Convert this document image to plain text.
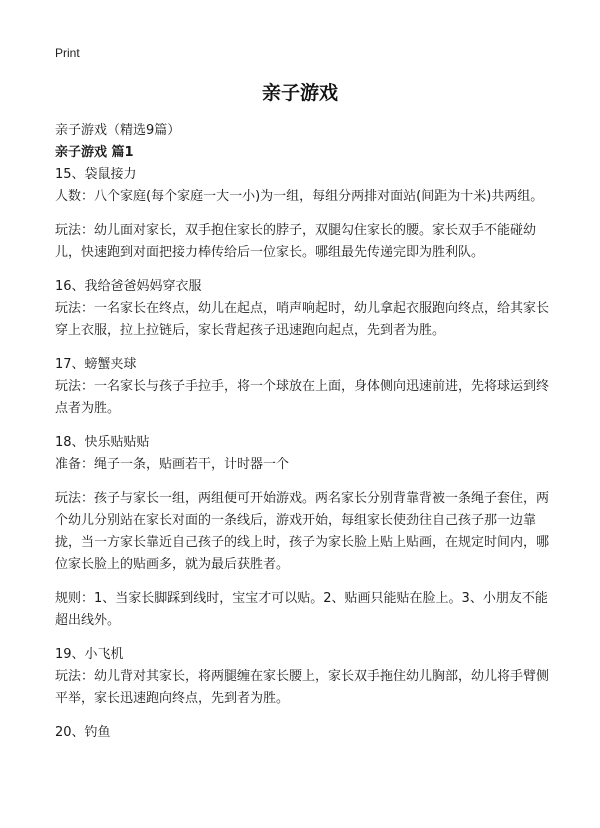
Print
亲子游戏

亲子游戏（精选9篇）

亲子游戏 篇1

15、袋鼠接力

人数：八个家庭(每个家庭一大一小)为一组，每组分两排对面站(间距为十米)共两组。

玩法：幼儿面对家长，双手抱住家长的脖子，双腿勾住家长的腰。家长双手不能碰幼儿，快速跑到对面把接力棒传给后一位家长。哪组最先传递完即为胜利队。

16、我给爸爸妈妈穿衣服

玩法：一名家长在终点，幼儿在起点，哨声响起时，幼儿拿起衣服跑向终点，给其家长穿上衣服，拉上拉链后，家长背起孩子迅速跑向起点，先到者为胜。

17、螃蟹夹球

玩法：一名家长与孩子手拉手，将一个球放在上面，身体侧向迅速前进，先将球运到终点者为胜。

18、快乐贴贴贴

准备：绳子一条，贴画若干，计时器一个

玩法：孩子与家长一组，两组便可开始游戏。两名家长分别背靠背被一条绳子套住，两个幼儿分别站在家长对面的一条线后，游戏开始，每组家长使劲往自己孩子那一边靠拢，当一方家长靠近自己孩子的线上时，孩子为家长脸上贴上贴画，在规定时间内，哪位家长脸上的贴画多，就为最后获胜者。

规则：1、当家长脚踩到线时，宝宝才可以贴。2、贴画只能贴在脸上。3、小朋友不能超出线外。

19、小飞机

玩法：幼儿背对其家长，将两腿缠在家长腰上，家长双手拖住幼儿胸部，幼儿将手臂侧平举，家长迅速跑向终点，先到者为胜。

20、钓鱼
